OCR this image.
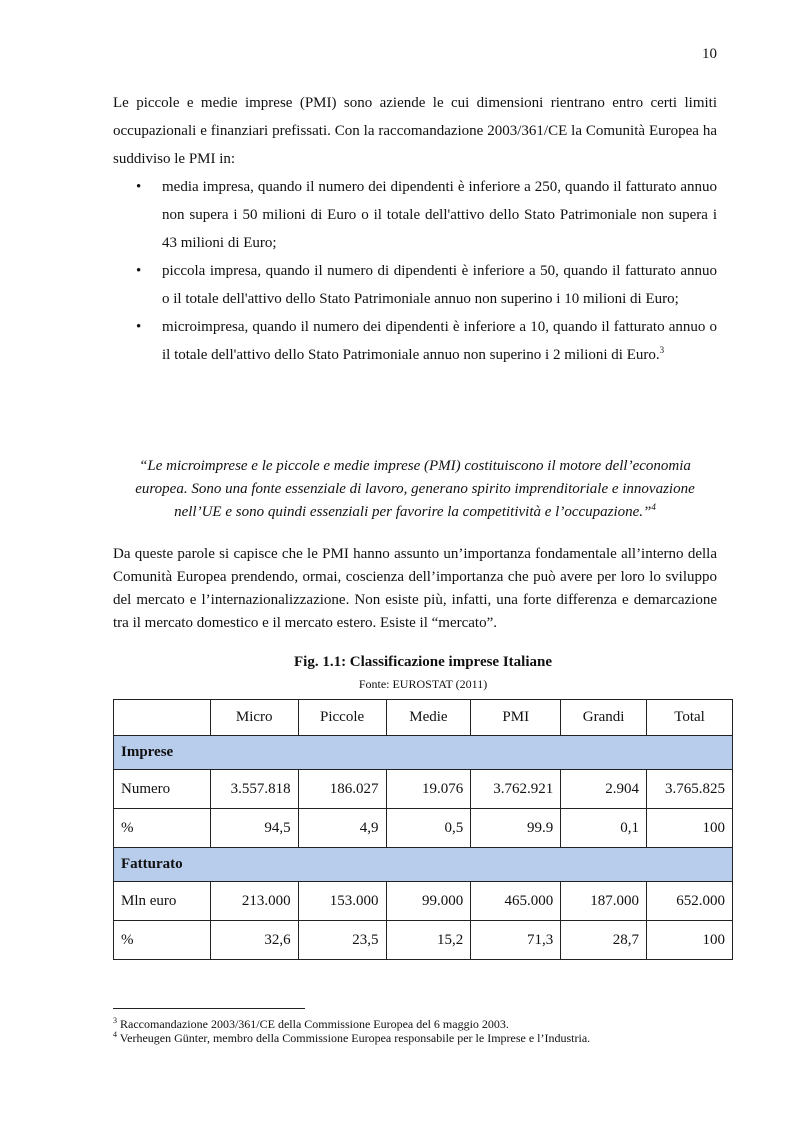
10

Le piccole e medie imprese (PMI) sono aziende le cui dimensioni rientrano entro certi limiti occupazionali e finanziari prefissati. Con la raccomandazione 2003/361/CE la Comunità Europea ha suddiviso le PMI in:

• media impresa, quando il numero dei dipendenti è inferiore a 250, quando il fatturato annuo non supera i 50 milioni di Euro o il totale dell'attivo dello Stato Patrimoniale non supera i 43 milioni di Euro;
• piccola impresa, quando il numero di dipendenti è inferiore a 50, quando il fatturato annuo o il totale dell'attivo dello Stato Patrimoniale annuo non superino i 10 milioni di Euro;
• microimpresa, quando il numero dei dipendenti è inferiore a 10, quando il fatturato annuo o il totale dell'attivo dello Stato Patrimoniale annuo non superino i 2 milioni di Euro.$^3$
“Le microimprese e le piccole e medie imprese (PMI) costituiscono il motore dell’economia europea. Sono una fonte essenziale di lavoro, generano spirito imprenditoriale e innovazione nell’UE e sono quindi essenziali per favorire la competitività e l’occupazione.”$^4$

Da queste parole si capisce che le PMI hanno assunto un’importanza fondamentale all’interno della Comunità Europea prendendo, ormai, coscienza dell’importanza che può avere per loro lo sviluppo del mercato e l’internazionalizzazione. Non esiste più, infatti, una forte differenza e demarcazione tra il mercato domestico e il mercato estero. Esiste il “mercato”.

Fig. 1.1: Classificazione imprese Italiane
Fonte: EUROSTAT (2011)
	Micro	Piccole	Medie	PMI	Grandi	Total
Imprese						
Numero	3.557.818	186.027	19.076	3.762.921	2.904	3.765.825
%	94,5	4,9	0,5	99.9	0,1	100
Fatturato						
Mln euro	213.000	153.000	99.000	465.000	187.000	652.000
%	32,6	23,5	15,2	71,3	28,7	100
$^3$ Raccomandazione 2003/361/CE della Commissione Europea del 6 maggio 2003.
$^4$ Verheugen Günter, membro della Commissione Europea responsabile per le Imprese e l’Industria.
